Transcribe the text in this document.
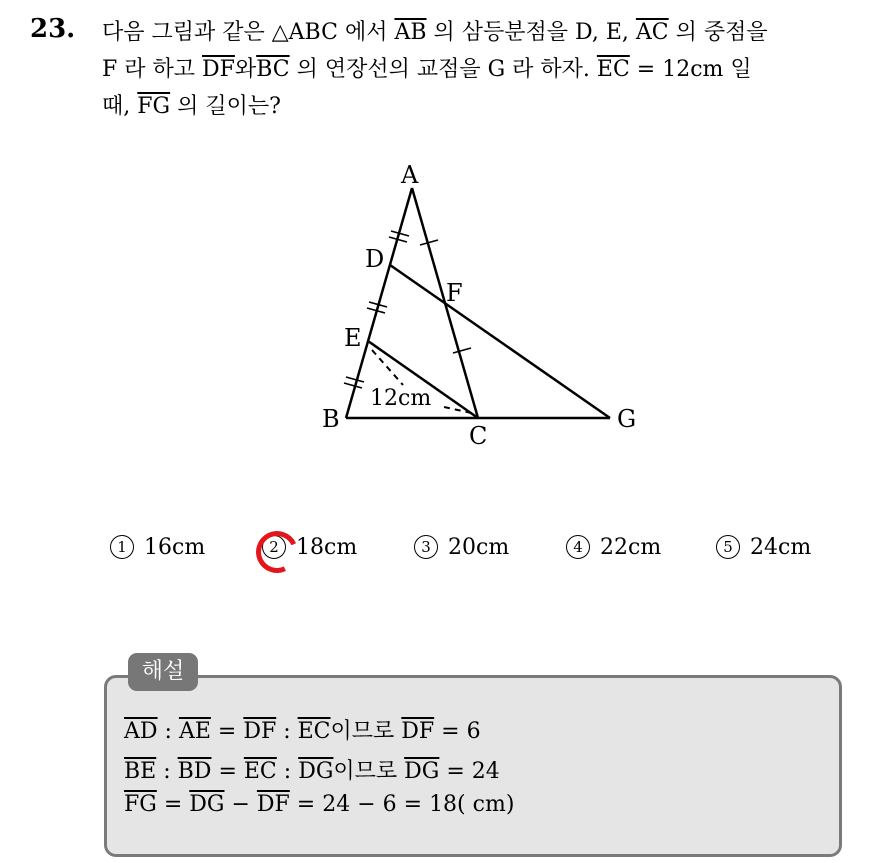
23. 다음 그림과 같은 △ABC 에서 $\overline{AB}$ 의 삼등분점을 D, E, $\overline{AC}$ 의 중점을
F 라 하고 $\overline{DF}$와$\overline{BC}$ 의 연장선의 교점을 G 라 하자. $\overline{EC} = 12cm$ 일
때, $\overline{FG}$ 의 길이는?
A
D
F
E
B
C
G
12cm
1 16cm	2 18cm	3 20cm	4 22cm	5 24cm
해설
$\overline{AD}$ : $\overline{AE} = \overline{DF}$ : $\overline{EC}$이므로 $\overline{DF} = 6$
$\overline{BE}$ : $\overline{BD} = \overline{EC}$ : $\overline{DG}$이므로 $\overline{DG} = 24$
$\overline{FG} = \overline{DG} - \overline{DF} = 24 - 6 = 18$( cm)
